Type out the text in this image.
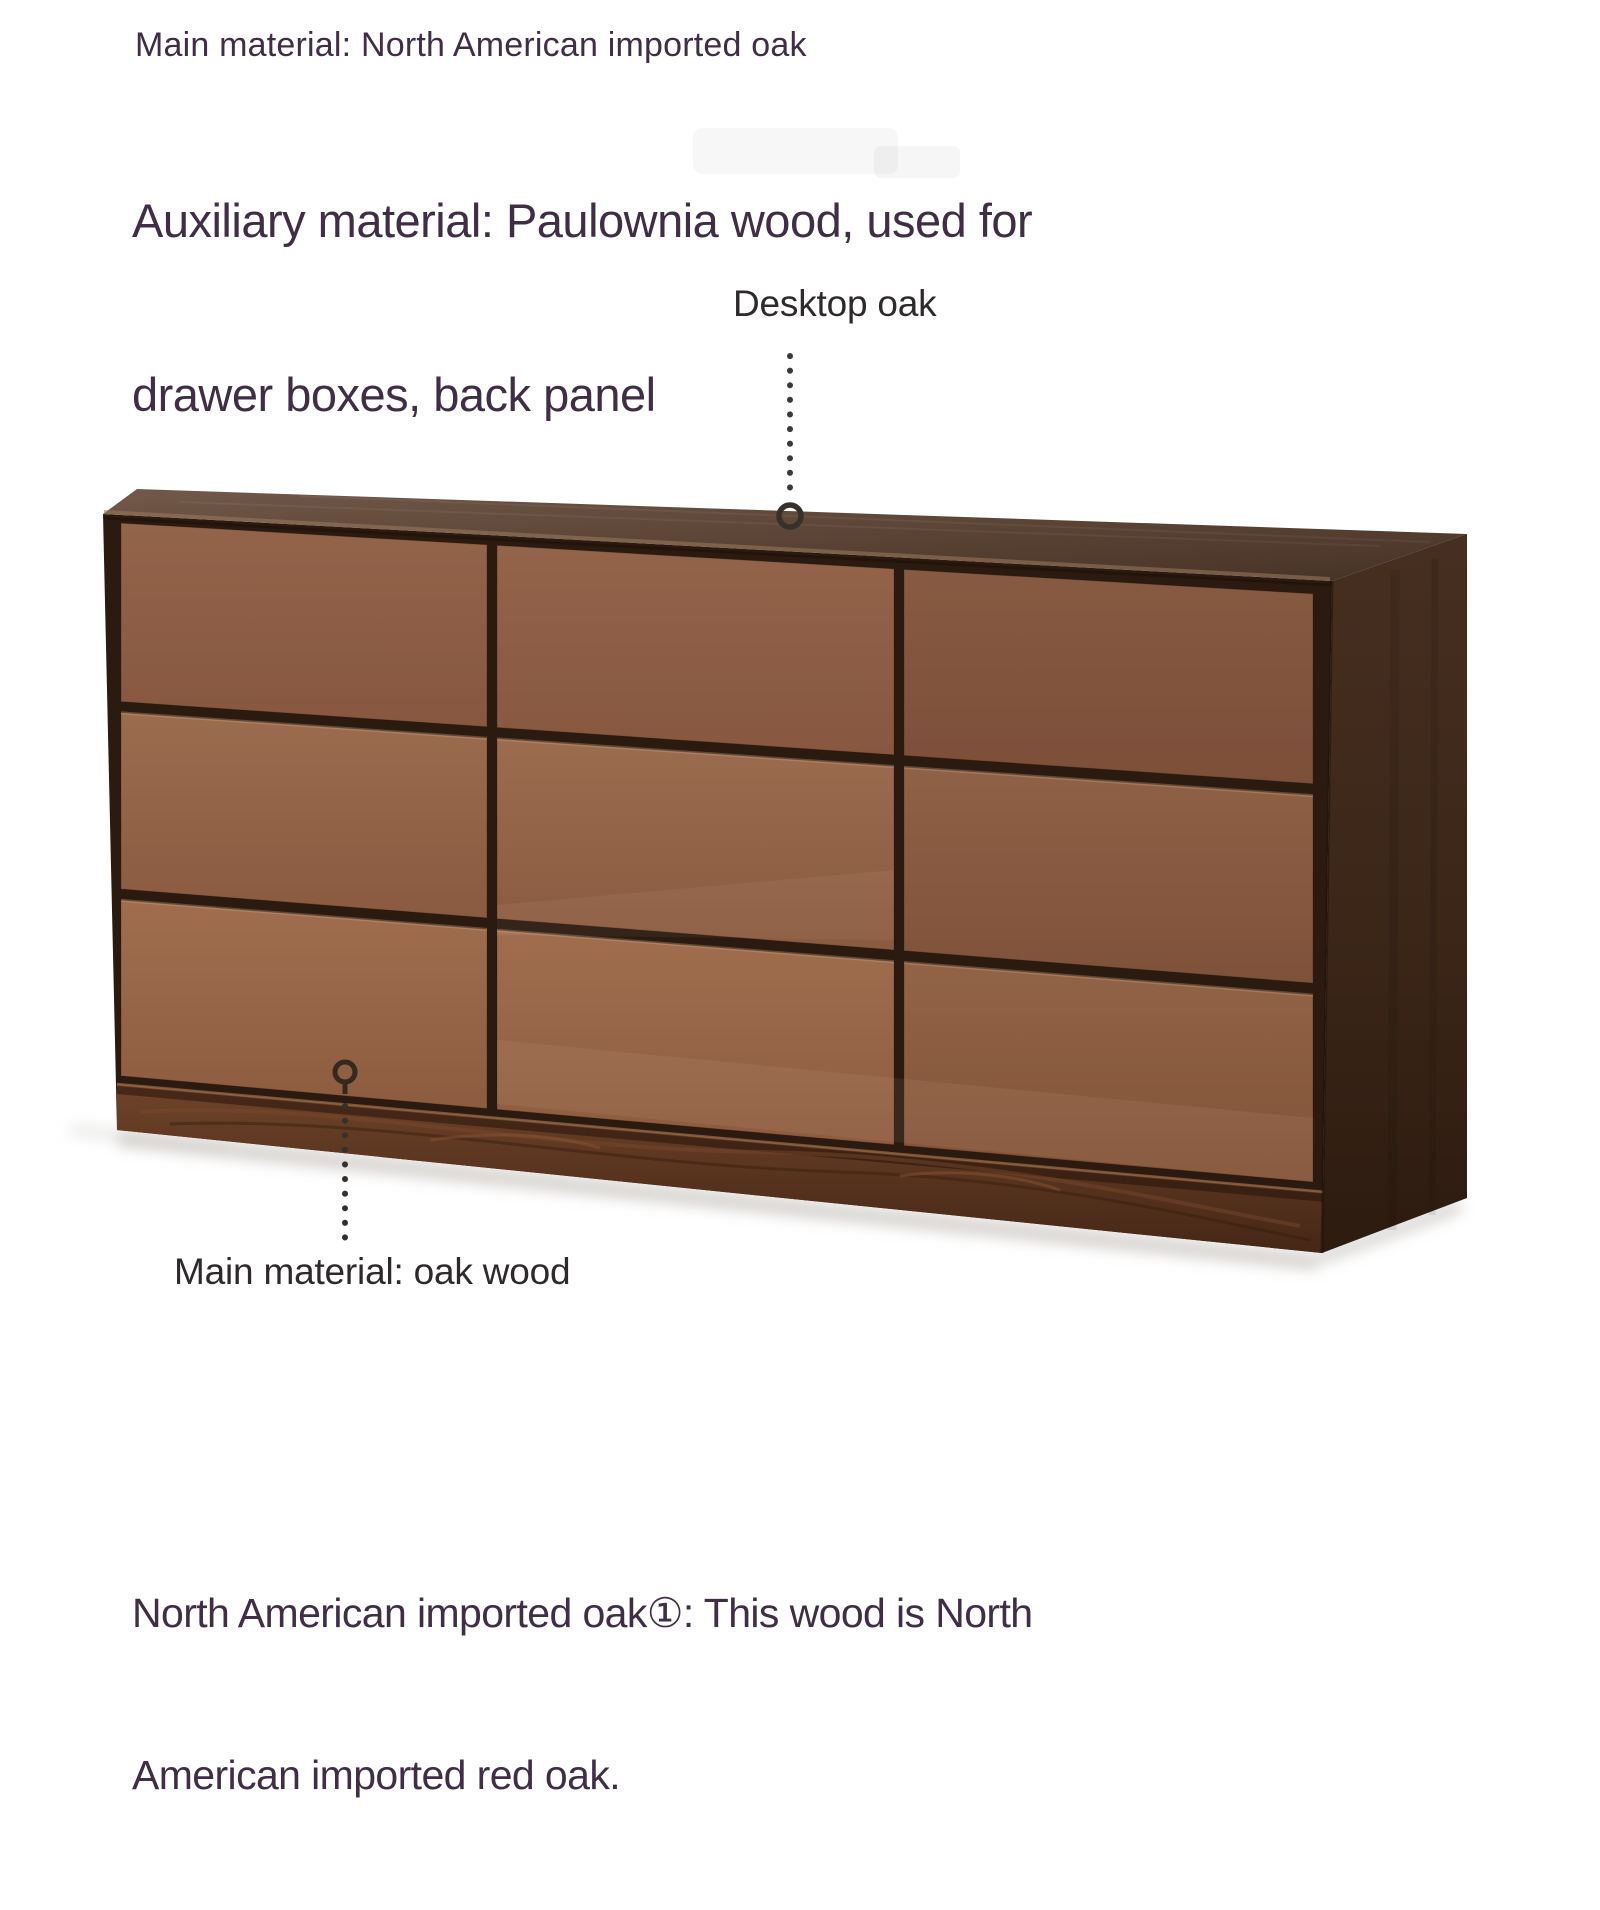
Main material: North American imported oak

Auxiliary material: Paulownia wood, used for

drawer boxes, back panel

Desktop oak
Main material: oak wood

North American imported oak①: This wood is North

American imported red oak.
